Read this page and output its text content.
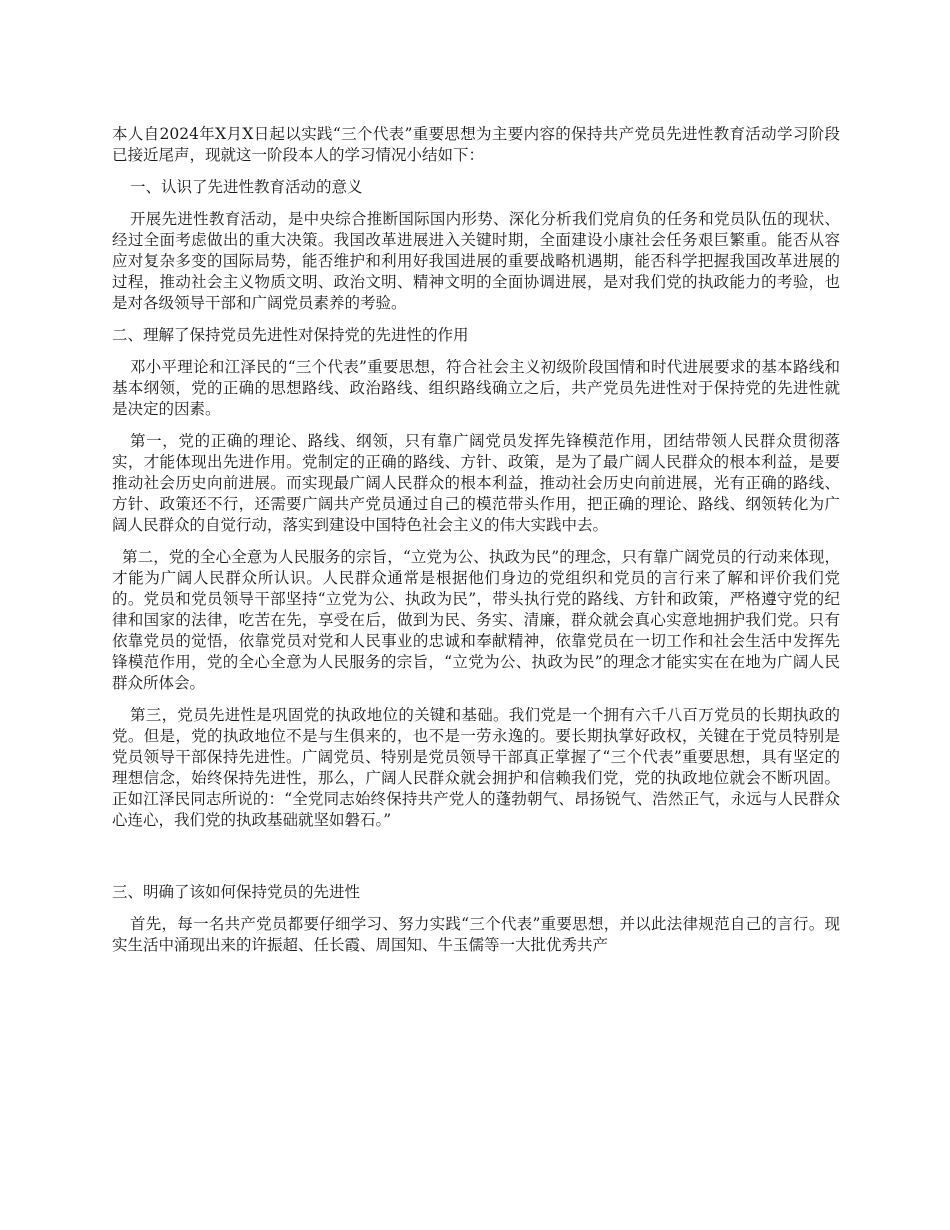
本人自2024年X月X日起以实践“三个代表”重要思想为主要内容的保持共产党员先进性教育活动学习阶段已接近尾声，现就这一阶段本人的学习情况小结如下：

一、认识了先进性教育活动的意义

开展先进性教育活动，是中央综合推断国际国内形势、深化分析我们党肩负的任务和党员队伍的现状、经过全面考虑做出的重大决策。我国改革进展进入关键时期，全面建设小康社会任务艰巨繁重。能否从容应对复杂多变的国际局势，能否维护和利用好我国进展的重要战略机遇期，能否科学把握我国改革进展的过程，推动社会主义物质文明、政治文明、精神文明的全面协调进展，是对我们党的执政能力的考验，也是对各级领导干部和广阔党员素养的考验。

二、理解了保持党员先进性对保持党的先进性的作用

邓小平理论和江泽民的“三个代表”重要思想，符合社会主义初级阶段国情和时代进展要求的基本路线和基本纲领，党的正确的思想路线、政治路线、组织路线确立之后，共产党员先进性对于保持党的先进性就是决定的因素。

第一，党的正确的理论、路线、纲领，只有靠广阔党员发挥先锋模范作用，团结带领人民群众贯彻落实，才能体现出先进作用。党制定的正确的路线、方针、政策，是为了最广阔人民群众的根本利益，是要推动社会历史向前进展。而实现最广阔人民群众的根本利益，推动社会历史向前进展，光有正确的路线、方针、政策还不行，还需要广阔共产党员通过自己的模范带头作用，把正确的理论、路线、纲领转化为广阔人民群众的自觉行动，落实到建设中国特色社会主义的伟大实践中去。

第二，党的全心全意为人民服务的宗旨，“立党为公、执政为民”的理念，只有靠广阔党员的行动来体现，才能为广阔人民群众所认识。人民群众通常是根据他们身边的党组织和党员的言行来了解和评价我们党的。党员和党员领导干部坚持“立党为公、执政为民”，带头执行党的路线、方针和政策，严格遵守党的纪律和国家的法律，吃苦在先，享受在后，做到为民、务实、清廉，群众就会真心实意地拥护我们党。只有依靠党员的觉悟，依靠党员对党和人民事业的忠诚和奉献精神，依靠党员在一切工作和社会生活中发挥先锋模范作用，党的全心全意为人民服务的宗旨，“立党为公、执政为民”的理念才能实实在在地为广阔人民群众所体会。

第三，党员先进性是巩固党的执政地位的关键和基础。我们党是一个拥有六千八百万党员的长期执政的党。但是，党的执政地位不是与生俱来的，也不是一劳永逸的。要长期执掌好政权，关键在于党员特别是党员领导干部保持先进性。广阔党员、特别是党员领导干部真正掌握了“三个代表”重要思想，具有坚定的理想信念，始终保持先进性，那么，广阔人民群众就会拥护和信赖我们党，党的执政地位就会不断巩固。正如江泽民同志所说的：“全党同志始终保持共产党人的蓬勃朝气、昂扬锐气、浩然正气，永远与人民群众心连心，我们党的执政基础就坚如磐石。”

三、明确了该如何保持党员的先进性

首先，每一名共产党员都要仔细学习、努力实践“三个代表”重要思想，并以此法律规范自己的言行。现实生活中涌现出来的许振超、任长霞、周国知、牛玉儒等一大批优秀共产
